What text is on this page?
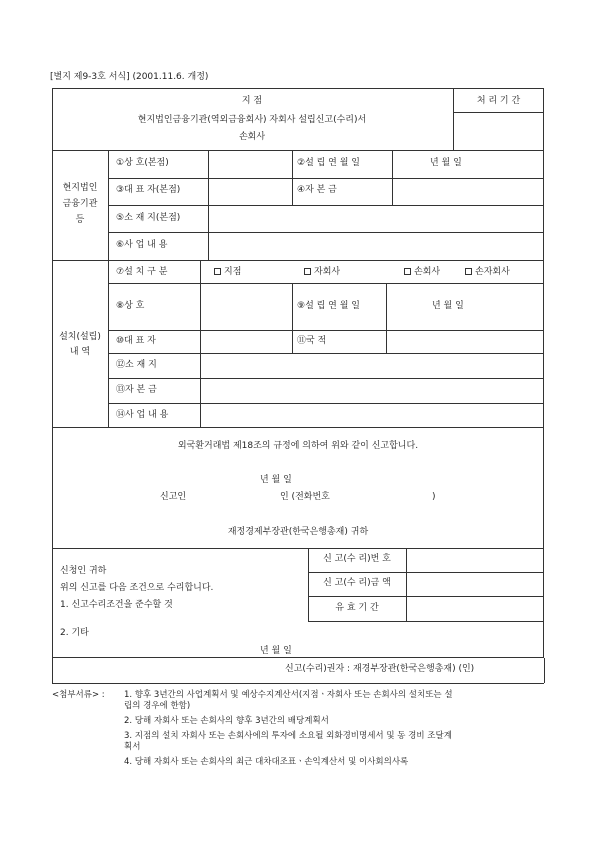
[별지 제9-3호 서식] (2001.11.6. 개정)
지 점
현지법인금융기관(역외금융회사) 자회사 설립신고(수리)서
손회사
처 리 기 간
현지법인
금융기관
등
①상 호(본점)	②설 립 연 월 일	년 월 일
③대 표 자(본점)	④자 본 금
⑤소 재 지(본점)
⑥사 업 내 용
설치(설립)
내 역
⑦설 치 구 분	지점	자회사	손회사	손자회사
⑧상 호	⑨설 립 연 월 일	년 월 일
⑩대 표 자	⑪국 적
⑫소 재 지
⑬자 본 금
⑭사 업 내 용
외국환거래법 제18조의 규정에 의하여 위와 같이 신고합니다.
년 월 일
신고인	인 (전화번호	)
재정경제부장관(한국은행총재) 귀하
신 고(수 리)번 호
신 고(수 리)금 액
유 효 기 간
신청인 귀하
위의 신고를 다음 조건으로 수리합니다.
1. 신고수리조건을 준수할 것
2. 기타
년 월 일
신고(수리)권자 : 재경부장관(한국은행총재) (인)
<첨부서류> : 1. 향후 3년간의 사업계획서 및 예상수지계산서(지점ㆍ자회사 또는 손회사의 설치또는 설
립의 경우에 한함)
2. 당해 자회사 또는 손회사의 향후 3년간의 배당계획서
3. 지점의 설치 자회사 또는 손회사에의 투자에 소요될 외화경비명세서 및 동 경비 조달계
획서
4. 당해 자회사 또는 손회사의 최근 대차대조표ㆍ손익계산서 및 이사회의사록
